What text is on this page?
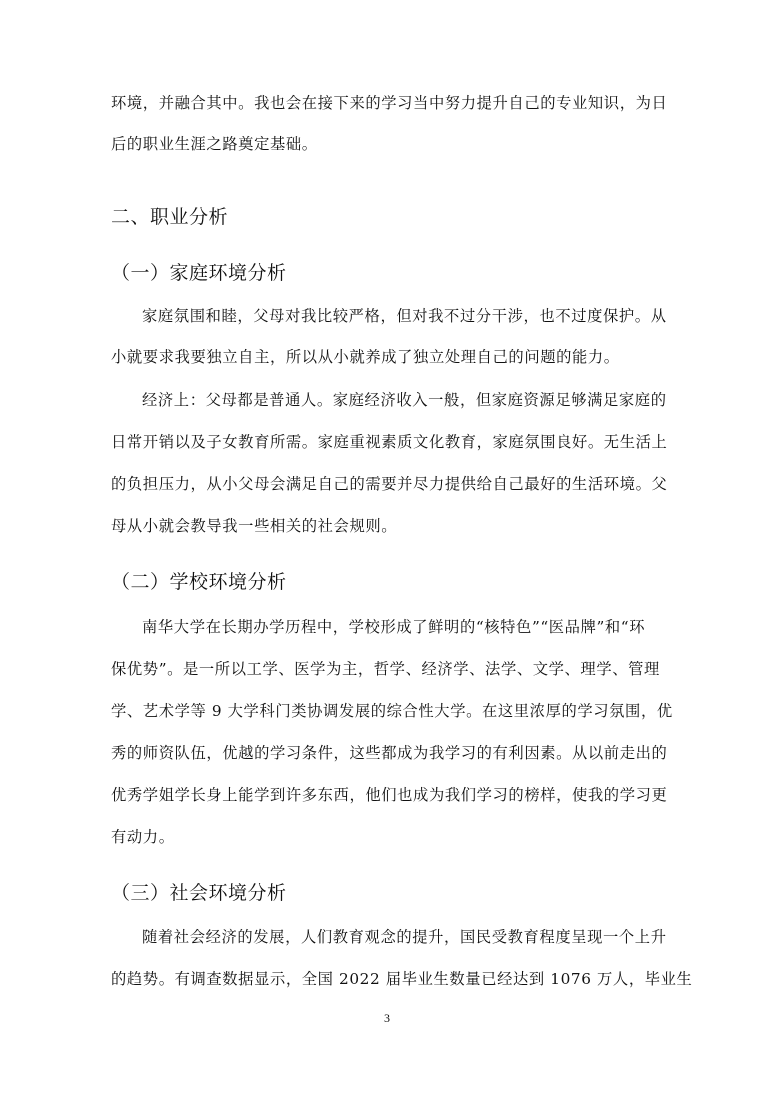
环境，并融合其中。我也会在接下来的学习当中努力提升自己的专业知识，为日
后的职业生涯之路奠定基础。
二、职业分析
（一）家庭环境分析
家庭氛围和睦，父母对我比较严格，但对我不过分干涉，也不过度保护。从
小就要求我要独立自主，所以从小就养成了独立处理自己的问题的能力。
经济上：父母都是普通人。家庭经济收入一般，但家庭资源足够满足家庭的
日常开销以及子女教育所需。家庭重视素质文化教育，家庭氛围良好。无生活上
的负担压力，从小父母会满足自己的需要并尽力提供给自己最好的生活环境。父
母从小就会教导我一些相关的社会规则。
（二）学校环境分析
南华大学在长期办学历程中，学校形成了鲜明的“核特色”“医品牌”和“环
保优势”。是一所以工学、医学为主，哲学、经济学、法学、文学、理学、管理
学、艺术学等 9 大学科门类协调发展的综合性大学。在这里浓厚的学习氛围，优
秀的师资队伍，优越的学习条件，这些都成为我学习的有利因素。从以前走出的
优秀学姐学长身上能学到许多东西，他们也成为我们学习的榜样，使我的学习更
有动力。
（三）社会环境分析
随着社会经济的发展，人们教育观念的提升，国民受教育程度呈现一个上升
的趋势。有调查数据显示，全国 2022 届毕业生数量已经达到 1076 万人，毕业生
3
